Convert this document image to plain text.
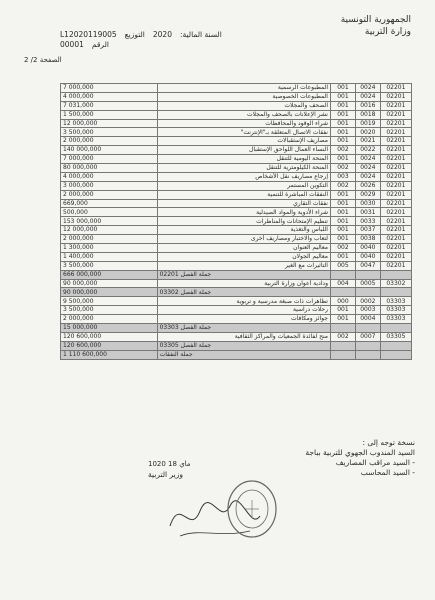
الجمهورية التونسية
وزارة التربية
السنة المالية:
2020
التوزيع
L12020119005
الرقم
00001
2 /2 الصفحة
7 000,000	المطبوعات الرسمية	001	0024	02201
4 000,000	المطبوعات الخصوصية	001	0024	02201
7 031,000	الصحف والمجلات	001	0016	02201
1 500,000	نشر الإعلانات بالصحف والمجلات	001	0018	02201
12 000,000	شراء الوقود والمحافظات	001	0019	02201
3 500,000	نفقات الاتصال المتعلقة بـ"الإنترنت"	001	0020	02201
2 000,000	مصاريف الإستقبالات	001	0021	02201
140 000,000	النساء العمال اللواحق الإستقبال	002	0022	02201
7 000,000	المنحة اليومية للتنقل	001	0024	02201
80 000,000	المنحة الكيلومترية للتنقل	002	0024	02201
4 000,000	إرجاع مصاريف نقل الأشخاص	003	0024	02201
3 000,000	التكوين المستمر	002	0026	02201
2 000,000	النفقات المباشرة للتنمية	001	0029	02201
669,000	نفقات التقاري	001	0030	02201
500,000	شراء الأدوية والمواد الصيدلية	001	0031	02201
153 000,000	تنظيم الإمتحانات والمناظرات	001	0033	02201
12 000,000	اللباس والتغذية	001	0037	02201
2 000,000	لتعاب والاختبار ومصاريف أخرى	001	0038	02201
1 300,000	معاليم العنوان	002	0040	02201
1 400,000	معاليم الجولان	001	0040	02201
3 500,000	التأثيرات مع الغير	005	0047	02201
666 000,000	جملة الفصل 02201			
90 000,000	ودادية أعوان وزارة التربية	004	0005	03302
90 000,000	جملة الفصل 03302			
9 500,000	تظاهرات ذات صبغة مدرسية و تربوية	000	0002	03303
3 500,000	رحلات دراسية	001	0003	03303
2 000,000	جوائز ومكافآت	001	0004	03303
15 000,000	جملة الفصل 03303			
120 600,000	منح لفائدة الجمعيات والمراكز الثقافية	002	0007	03305
120 600,000	جملة الفصل 03305			
1 110 600,000	جملة النفقات			
نسخة توجه إلى :
السيد المندوب الجهوي للتربية بباجة
- السيد مراقب المصاريف
- السيد المحاسب
1020 ماي 18
وزير التربية
